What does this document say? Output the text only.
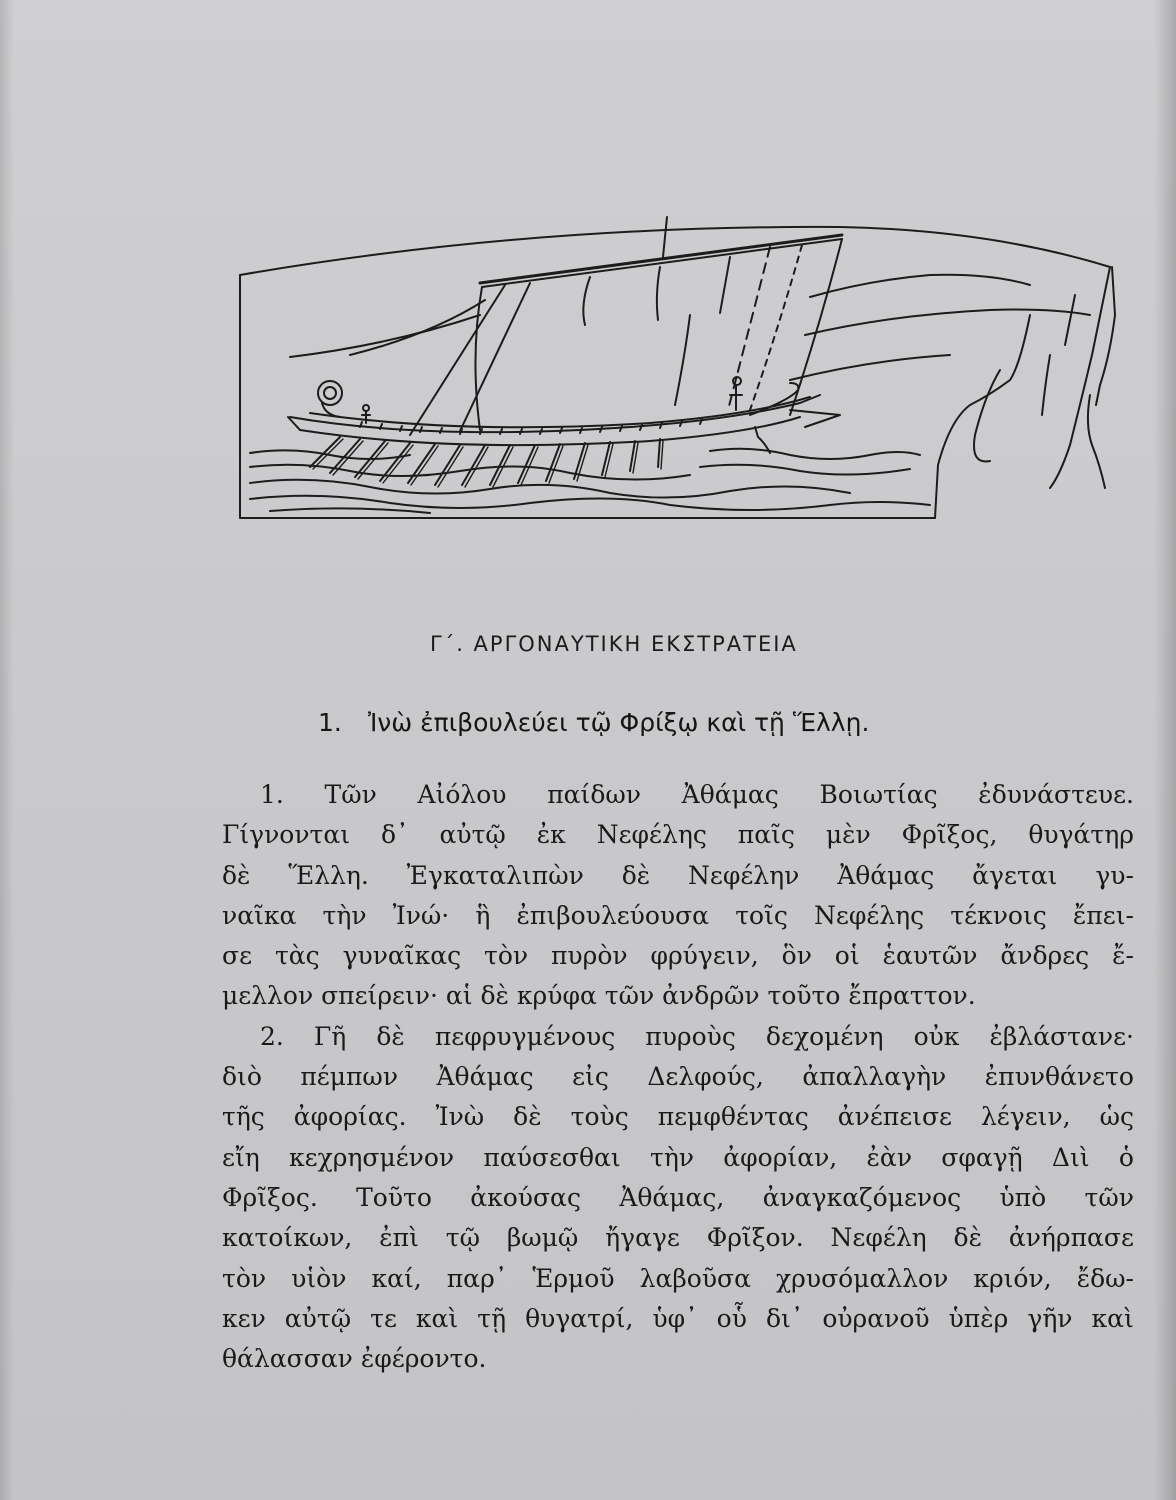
Γ΄. ΑΡΓΟΝΑΥΤΙΚΗ ΕΚΣΤΡΑΤΕΙΑ
1. Ἰνὼ ἐπιβουλεύει τῷ Φρίξῳ καὶ τῇ Ἕλλῃ.
1. Τῶν Αἰόλου παίδων Ἀθάμας Βοιωτίας ἐδυνάστευε.
Γίγνονται δ᾽ αὐτῷ ἐκ Νεφέλης παῖς μὲν Φρῖξος, θυγάτηρ
δὲ Ἕλλη. Ἐγκαταλιπὼν δὲ Νεφέλην Ἀθάμας ἄγεται γυ-
ναῖκα τὴν Ἰνώ· ἣ ἐπιβουλεύουσα τοῖς Νεφέλης τέκνοις ἔπει-
σε τὰς γυναῖκας τὸν πυρὸν φρύγειν, ὃν οἱ ἑαυτῶν ἄνδρες ἔ-
μελλον σπείρειν· αἱ δὲ κρύφα τῶν ἀνδρῶν τοῦτο ἔπραττον.
2. Γῆ δὲ πεφρυγμένους πυροὺς δεχομένη οὐκ ἐβλάστανε·
διὸ πέμπων Ἀθάμας εἰς Δελφούς, ἀπαλλαγὴν ἐπυνθάνετο
τῆς ἀφορίας. Ἰνὼ δὲ τοὺς πεμφθέντας ἀνέπεισε λέγειν, ὡς
εἴη κεχρησμένον παύσεσθαι τὴν ἀφορίαν, ἐὰν σφαγῇ Διὶ ὁ
Φρῖξος. Τοῦτο ἀκούσας Ἀθάμας, ἀναγκαζόμενος ὑπὸ τῶν
κατοίκων, ἐπὶ τῷ βωμῷ ἤγαγε Φρῖξον. Νεφέλη δὲ ἀνήρπασε
τὸν υἱὸν καί, παρ᾽ Ἑρμοῦ λαβοῦσα χρυσόμαλλον κριόν, ἔδω-
κεν αὐτῷ τε καὶ τῇ θυγατρί, ὑφ᾽ οὗ δι᾽ οὐρανοῦ ὑπὲρ γῆν καὶ
θάλασσαν ἐφέροντο.
